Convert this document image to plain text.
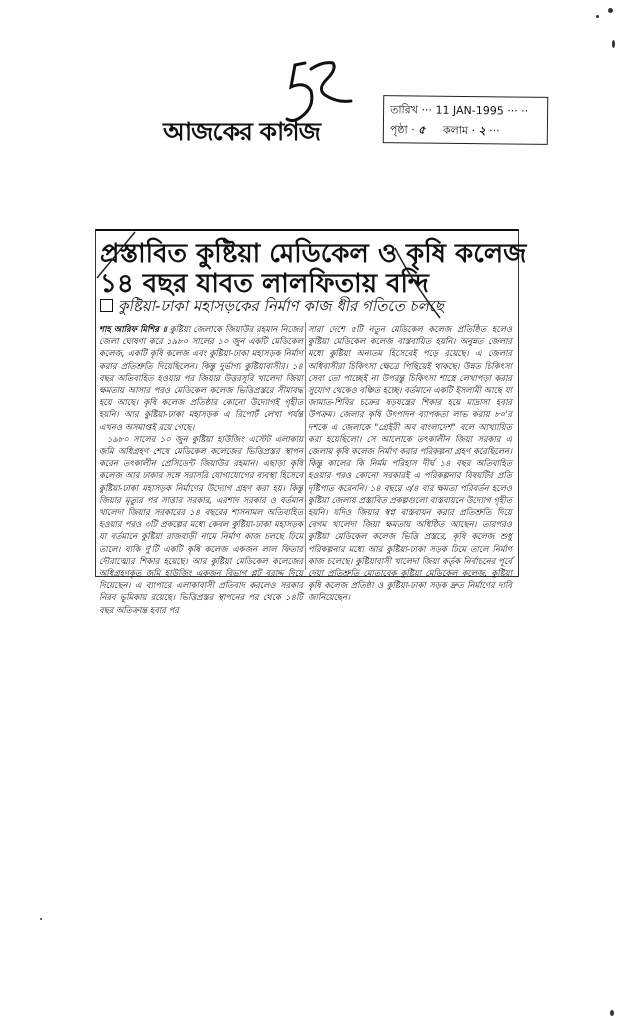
আজকের কাগজ
তারিখ ··· 11 JAN-1995 ··· ··
পৃষ্ঠা · ৫ কলাম · ২ ···
প্রস্তাবিত কুষ্টিয়া মেডিকেল ও কৃষি কলেজ
১৪ বছর যাবত লালফিতায় বন্দি
কুষ্টিয়া-ঢাকা মহাসড়কের নির্মাণ কাজ ধীর গতিতে চলছে

শাহ আরিফ মিশির ॥ কুষ্টিয়া জেলাকে জিয়াউর রহমান নিজের জেলা ঘোষণা করে ১৯৮০ সালের ১০ জুন একটি মেডিকেল কলেজ, একটি কৃষি কলেজ এবং কুষ্টিয়া-ঢাকা মহাসড়ক নির্মাণ করার প্রতিশ্রুতি দিয়েছিলেন। কিন্তু দুর্ভাগ্য কুষ্টিয়াবাসীর। ১৪ বছর অতিবাহিত হওয়ার পর জিয়ার উত্তরসূরি খালেদা জিয়া ক্ষমতায় আসার পরও মেডিকেল কলেজ ভিত্তিপ্রস্তরে সীমাবদ্ধ হয়ে আছে। কৃষি কলেজ প্রতিষ্ঠার কোনো উদ্যোগই গৃহীত হয়নি। আর কুষ্টিয়া-ঢাকা মহাসড়ক এ রিপোর্ট লেখা পর্যন্ত এখনও অসমাপ্তই রয়ে গেছে।

১৯৮০ সালের ১০ জুন কুষ্টিয়া হাউজিং এস্টেট এলাকায় জমি অধিগ্রহণ শেষে মেডিকেল কলেজের ভিত্তিপ্রস্তর স্থাপন করেন তৎকালীন প্রেসিডেন্ট জিয়াউর রহমান। এছাড়া কৃষি কলেজ আর ঢাকার সঙ্গে সরাসরি যোগাযোগের ব্যবস্থা হিসেবে কুষ্টিয়া-ঢাকা মহাসড়ক নির্মাণের উদ্যোগ গ্রহণ করা হয়। কিন্তু জিয়ার মৃত্যুর পর সাত্তার সরকার, এরশাদ সরকার ও বর্তমান খালেদা জিয়ার সরকারের ১৪ বছরের শাসনামল অতিবাহিত হওয়ার পরও ৩টি প্রকল্পের মধ্যে কেবল কুষ্টিয়া-ঢাকা মহাসড়ক যা বর্তমানে কুষ্টিয়া রাজবাড়ী নামে নির্মাণ কাজ চলছে ঢিমে তালে। বাকি দু'টি একটি কৃষি কলেজ একজন লাল ফিতার দৌরাত্ম্যের শিকার হয়েছে। আর কুষ্টিয়া মেডিকেল কলেজের অধিগ্রহণকৃত জমি হাউজিং একজন বিভাগ প্লট বরাদ্দ দিয়ে দিয়েছেন। এ ব্যাপারে এলাকাবাসী প্রতিবাদ করলেও সরকার নিরব ভূমিকায় রয়েছে। ভিত্তিপ্রস্তর স্থাপনের পর থেকে ১৪টি বছর অতিক্রান্ত হবার পর

সারা দেশে ৫টি নতুন মেডিকেল কলেজ প্রতিষ্ঠিত হলেও কুষ্টিয়া মেডিকেল কলেজ বাস্তবায়িত হয়নি। অনুন্নত জেলার মধ্যে কুষ্টিয়া অন্যতম হিসেবেই পড়ে রয়েছে। এ জেলার অধিবাসীরা চিকিৎসা ক্ষেত্রে পিছিয়েই থাকছে। উন্নত চিকিৎসা সেবা তো পাচ্ছেই না উপরন্তু চিকিৎসা শাস্ত্রে লেখাপড়া করার সুযোগ থেকেও বঞ্চিত হচ্ছে। বর্তমানে একটি ইসলামী আছে যা জামাত-শিবির চক্রের ষড়যন্ত্রের শিকার হয়ে মাদ্রাসা হবার উপক্রম। জেলার কৃষি উৎপাদন ব্যাপকতা লাভ করায় ৮০'র দশকে এ জেলাকে "গ্রেইরী অব বাংলাদেশ" বলে আখ্যায়িত করা হয়েছিলো। সে আলোকে তৎকালীন জিয়া সরকার এ জেলায় কৃষি কলেজ নির্মাণ করার পরিকল্পনা গ্রহণ করেছিলেন। কিন্তু কালের কি নির্মম পরিহাস দীর্ঘ ১৪ বছর অতিবাহিত হওয়ার পরও কোনো সরকারই এ পরিকল্পনার বিষয়টির প্রতি দৃষ্টিপাত করেননি। ১৪ বছরে ৩/৪ বার ক্ষমতা পরিবর্তন হলেও কুষ্টিয়া জেলায় প্রস্তাবিত প্রকল্পগুলো বাস্তবায়নে উদ্যোগ গৃহীত হয়নি। যদিও জিয়ার স্বপ্ন বাস্তবায়ন করার প্রতিশ্রুতি দিয়ে বেগম খালেদা জিয়া ক্ষমতায় অধিষ্ঠিত আছেন। তারপরও কুষ্টিয়া মেডিকেল কলেজ ভিত্তি প্রস্তরে, কৃষি কলেজ শুধু পরিকল্পনার মধ্যে আর কুষ্টিয়া-ঢাকা সড়ক ঢিমে তালে নির্মাণ কাজ চলেছে। কুষ্টিয়াবাসী খালেদা জিয়া কর্তৃক নির্বাচনের পূর্বে দেয়া প্রতিশ্রুতি মোতাবেক কুষ্টিয়া মেডিকেল কলেজ, কুষ্টিয়া কৃষি কলেজ প্রতিষ্ঠা ও কুষ্টিয়া-ঢাকা সড়ক দ্রুত নির্মাণের দাবি জানিয়েছেন।
